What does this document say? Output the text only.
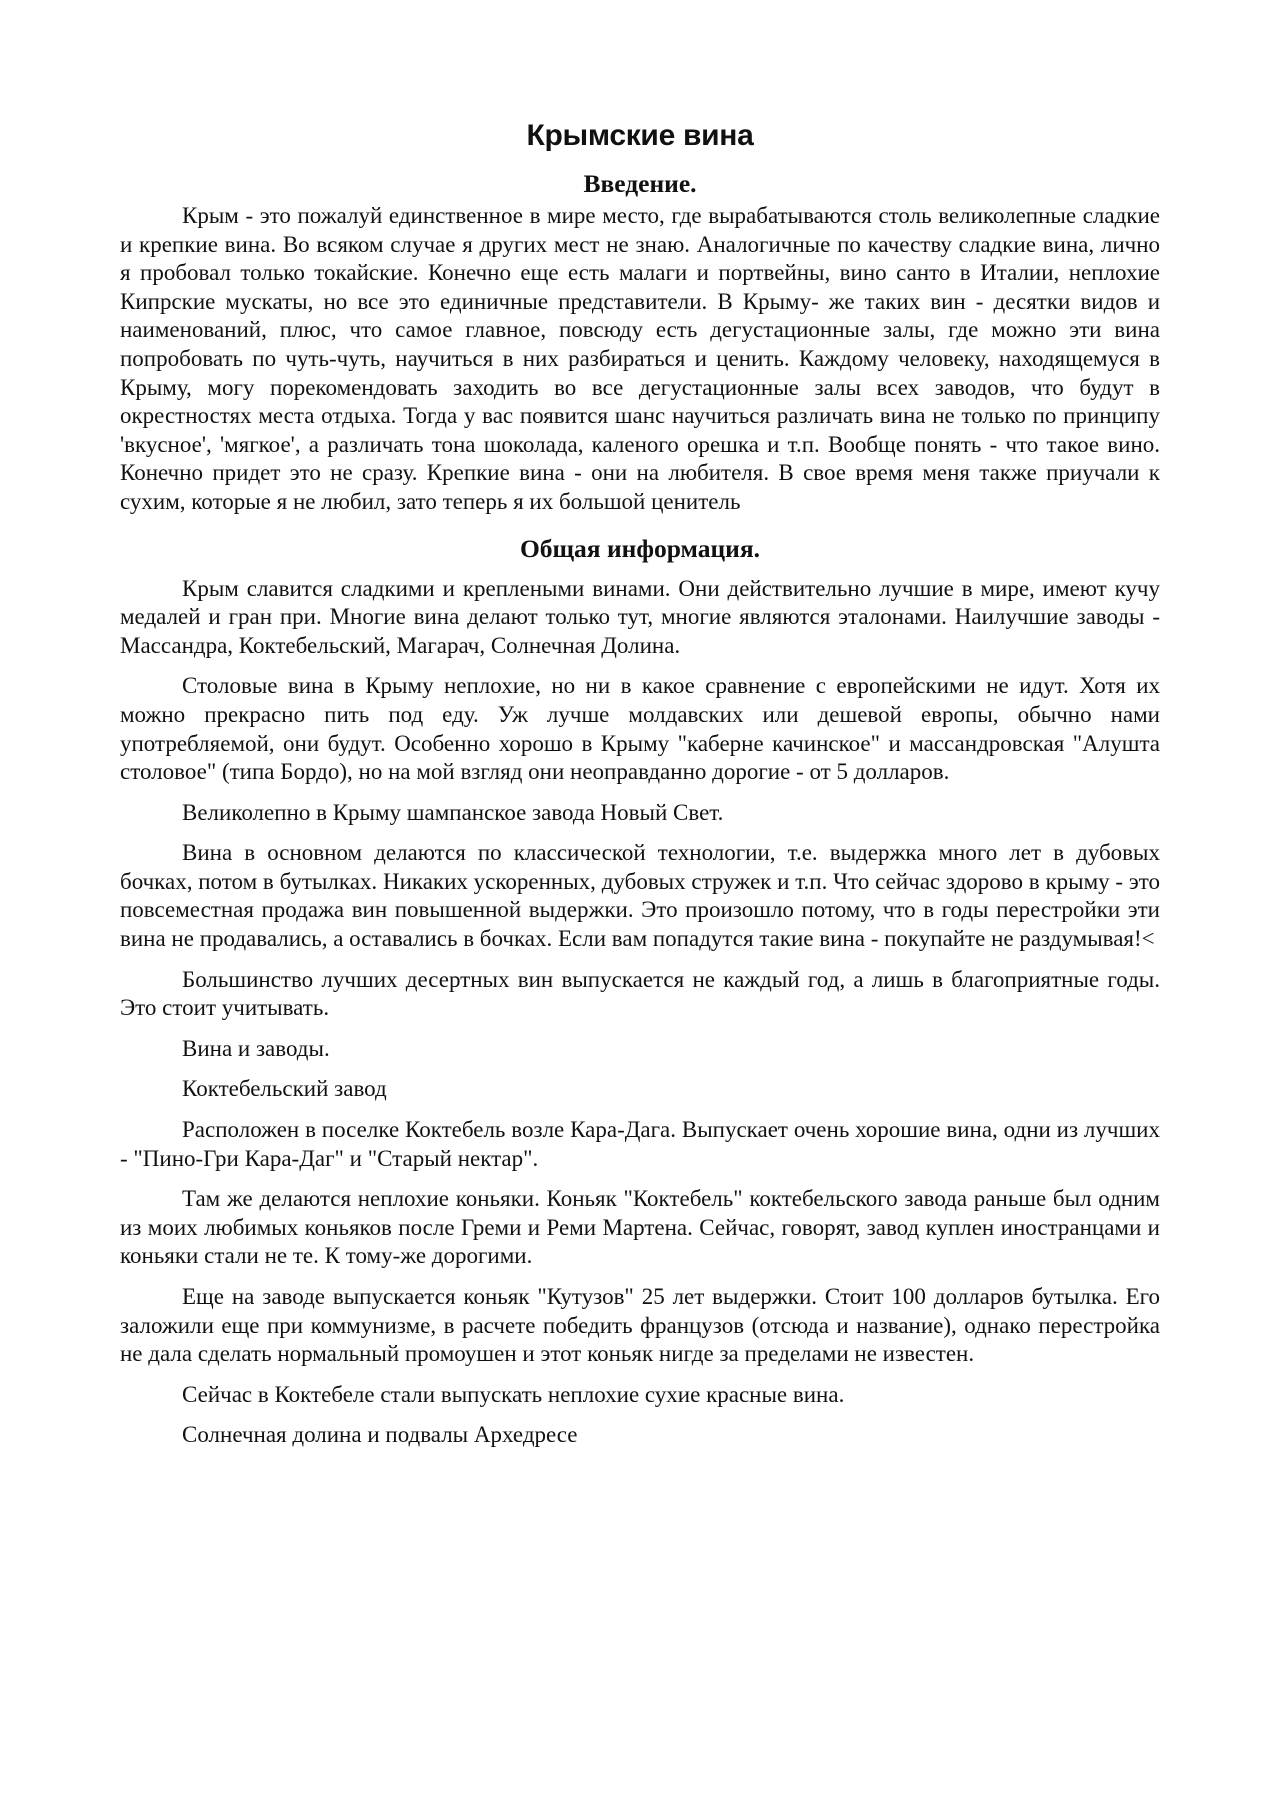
Крымские вина
Введение.

Крым - это пожалуй единственное в мире место, где вырабатываются столь великолепные сладкие и крепкие вина. Во всяком случае я других мест не знаю. Аналогичные по качеству сладкие вина, лично я пробовал только токайские. Конечно еще есть малаги и портвейны, вино санто в Италии, неплохие Кипрские мускаты, но все это единичные представители. В Крыму- же таких вин - десятки видов и наименований, плюс, что самое главное, повсюду есть дегустационные залы, где можно эти вина попробовать по чуть-чуть, научиться в них разбираться и ценить. Каждому человеку, находящемуся в Крыму, могу порекомендовать заходить во все дегустационные залы всех заводов, что будут в окрестностях места отдыха. Тогда у вас появится шанс научиться различать вина не только по принципу 'вкусное', 'мягкое', а различать тона шоколада, каленого орешка и т.п. Вообще понять - что такое вино. Конечно придет это не сразу. Крепкие вина - они на любителя. В свое время меня также приучали к сухим, которые я не любил, зато теперь я их большой ценитель

Общая информация.

Крым славится сладкими и креплеными винами. Они действительно лучшие в мире, имеют кучу медалей и гран при. Многие вина делают только тут, многие являются эталонами. Наилучшие заводы - Массандра, Коктебельский, Магарач, Солнечная Долина.

Столовые вина в Крыму неплохие, но ни в какое сравнение с европейскими не идут. Хотя их можно прекрасно пить под еду. Уж лучше молдавских или дешевой европы, обычно нами употребляемой, они будут. Особенно хорошо в Крыму "каберне качинское" и массандровская "Алушта столовое" (типа Бордо), но на мой взгляд они неоправданно дорогие - от 5 долларов.

Великолепно в Крыму шампанское завода Новый Свет.

Вина в основном делаются по классической технологии, т.е. выдержка много лет в дубовых бочках, потом в бутылках. Никаких ускоренных, дубовых стружек и т.п. Что сейчас здорово в крыму - это повсеместная продажа вин повышенной выдержки. Это произошло потому, что в годы перестройки эти вина не продавались, а оставались в бочках. Если вам попадутся такие вина - покупайте не раздумывая!<

Большинство лучших десертных вин выпускается не каждый год, а лишь в благоприятные годы. Это стоит учитывать.

Вина и заводы.

Коктебельский завод

Расположен в поселке Коктебель возле Кара-Дага. Выпускает очень хорошие вина, одни из лучших - "Пино-Гри Кара-Даг" и "Старый нектар".

Там же делаются неплохие коньяки. Коньяк "Коктебель" коктебельского завода раньше был одним из моих любимых коньяков после Греми и Реми Мартена. Сейчас, говорят, завод куплен иностранцами и коньяки стали не те. К тому-же дорогими.

Еще на заводе выпускается коньяк "Кутузов" 25 лет выдержки. Стоит 100 долларов бутылка. Его заложили еще при коммунизме, в расчете победить французов (отсюда и название), однако перестройка не дала сделать нормальный промоушен и этот коньяк нигде за пределами не известен.

Сейчас в Коктебеле стали выпускать неплохие сухие красные вина.

Солнечная долина и подвалы Архедресе
